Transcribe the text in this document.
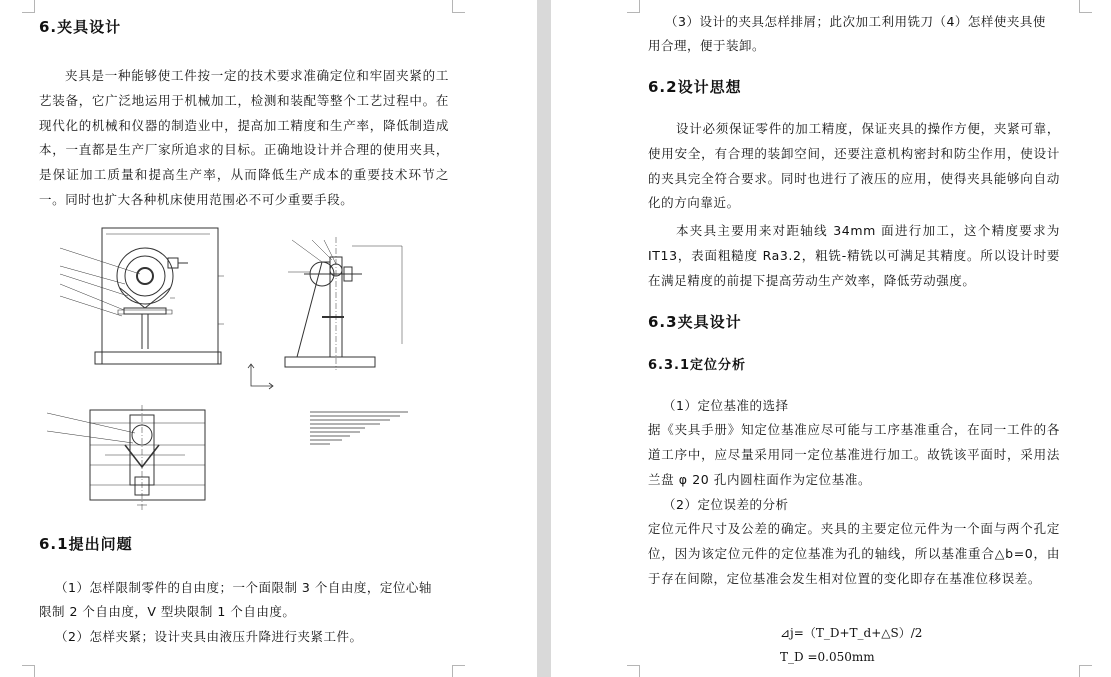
6.夹具设计

夹具是一种能够使工件按一定的技术要求准确定位和牢固夹紧的工艺装备，它广泛地运用于机械加工，检测和装配等整个工艺过程中。在现代化的机械和仪器的制造业中，提高加工精度和生产率，降低制造成本，一直都是生产厂家所追求的目标。正确地设计并合理的使用夹具，是保证加工质量和提高生产率，从而降低生产成本的重要技术环节之一。同时也扩大各种机床使用范围必不可少重要手段。

6.1提出问题
（1）怎样限制零件的自由度；一个面限制 3 个自由度，定位心轴
限制 2 个自由度，V 型块限制 1 个自由度。
（2）怎样夹紧；设计夹具由液压升降进行夹紧工件。
（3）设计的夹具怎样排屑；此次加工利用铣刀（4）怎样使夹具使
用合理，便于装卸。
6.2设计思想

设计必须保证零件的加工精度，保证夹具的操作方便，夹紧可靠，使用安全，有合理的装卸空间，还要注意机构密封和防尘作用，使设计的夹具完全符合要求。同时也进行了液压的应用，使得夹具能够向自动化的方向靠近。

本夹具主要用来对距轴线 34mm 面进行加工，这个精度要求为 IT13，表面粗糙度 Ra3.2，粗铣-精铣以可满足其精度。所以设计时要在满足精度的前提下提高劳动生产效率，降低劳动强度。

6.3夹具设计
6.3.1定位分析
（1）定位基准的选择

据《夹具手册》知定位基准应尽可能与工序基准重合，在同一工件的各道工序中，应尽量采用同一定位基准进行加工。故铣该平面时，采用法兰盘 φ 20 孔内圆柱面作为定位基准。

（2）定位误差的分析

定位元件尺寸及公差的确定。夹具的主要定位元件为一个面与两个孔定位，因为该定位元件的定位基准为孔的轴线，所以基准重合△b=0，由于存在间隙，定位基准会发生相对位置的变化即存在基准位移误差。

⊿j=（T_D+T_d+△S）/2
T_D =0.050mm
